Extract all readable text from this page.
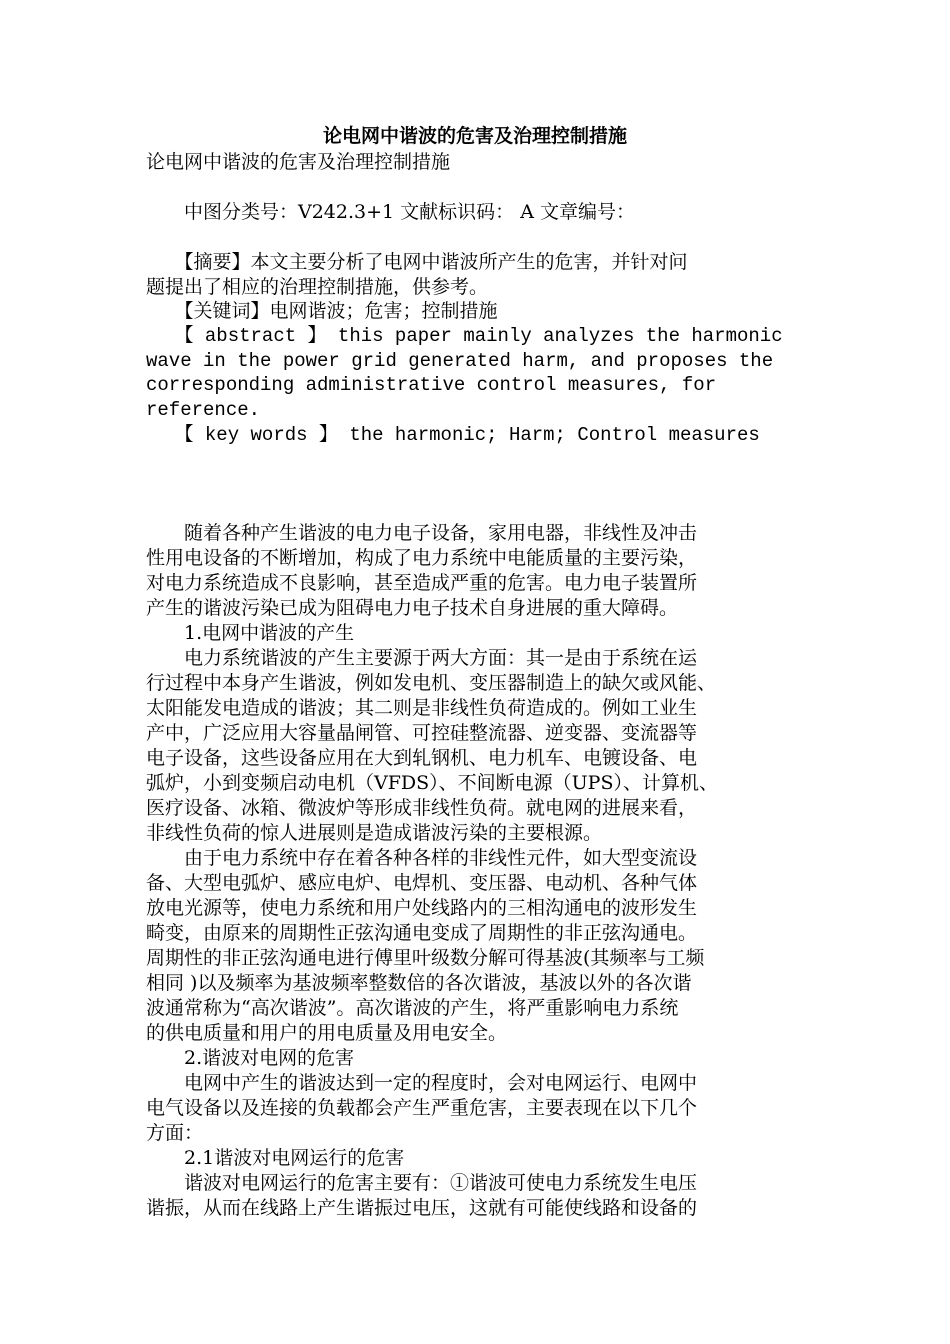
论电网中谐波的危害及治理控制措施
论电网中谐波的危害及治理控制措施
　　中图分类号：V242.3+1 文献标识码： A 文章编号：
　　【摘要】本文主要分析了电网中谐波所产生的危害，并针对问
题提出了相应的治理控制措施，供参考。
　　【关键词】电网谐波；危害；控制措施
　　【 abstract 】 this paper mainly analyzes the harmonic
wave in the power grid generated harm, and proposes the
corresponding administrative control measures, for
reference.
　　【 key words 】 the harmonic; Harm; Control measures
　　随着各种产生谐波的电力电子设备，家用电器，非线性及冲击
性用电设备的不断增加，构成了电力系统中电能质量的主要污染，
对电力系统造成不良影响，甚至造成严重的危害。电力电子装置所
产生的谐波污染已成为阻碍电力电子技术自身进展的重大障碍。
　　1.电网中谐波的产生
　　电力系统谐波的产生主要源于两大方面：其一是由于系统在运
行过程中本身产生谐波，例如发电机、变压器制造上的缺欠或风能、
太阳能发电造成的谐波；其二则是非线性负荷造成的。例如工业生
产中，广泛应用大容量晶闸管、可控硅整流器、逆变器、变流器等
电子设备，这些设备应用在大到轧钢机、电力机车、电镀设备、电
弧炉，小到变频启动电机（VFDS）、不间断电源（UPS）、计算机、
医疗设备、冰箱、微波炉等形成非线性负荷。就电网的进展来看，
非线性负荷的惊人进展则是造成谐波污染的主要根源。
　　由于电力系统中存在着各种各样的非线性元件，如大型变流设
备、大型电弧炉、感应电炉、电焊机、变压器、电动机、各种气体
放电光源等，使电力系统和用户处线路内的三相沟通电的波形发生
畸变，由原来的周期性正弦沟通电变成了周期性的非正弦沟通电。
周期性的非正弦沟通电进行傅里叶级数分解可得基波(其频率与工频
相同 )以及频率为基波频率整数倍的各次谐波，基波以外的各次谐
波通常称为“高次谐波”。高次谐波的产生，将严重影响电力系统
的供电质量和用户的用电质量及用电安全。
　　2.谐波对电网的危害
　　电网中产生的谐波达到一定的程度时，会对电网运行、电网中
电气设备以及连接的负载都会产生严重危害，主要表现在以下几个
方面：
　　2.1谐波对电网运行的危害
　　谐波对电网运行的危害主要有：①谐波可使电力系统发生电压
谐振，从而在线路上产生谐振过电压，这就有可能使线路和设备的
